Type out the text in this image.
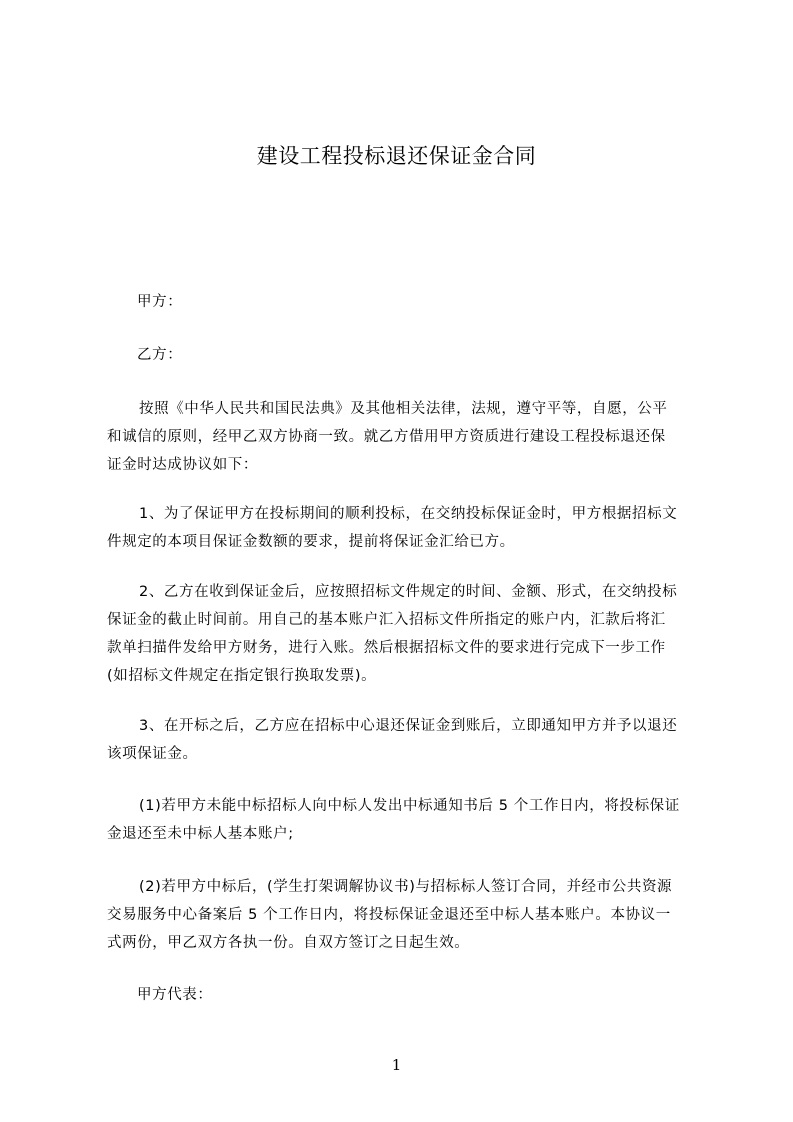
建设工程投标退还保证金合同

甲方：

乙方：

按照《中华人民共和国民法典》及其他相关法律，法规，遵守平等，自愿，公平
和诚信的原则，经甲乙双方协商一致。就乙方借用甲方资质进行建设工程投标退还保
证金时达成协议如下：
1、为了保证甲方在投标期间的顺利投标，在交纳投标保证金时，甲方根据招标文
件规定的本项目保证金数额的要求，提前将保证金汇给已方。
2、乙方在收到保证金后，应按照招标文件规定的时间、金额、形式，在交纳投标
保证金的截止时间前。用自己的基本账户汇入招标文件所指定的账户内，汇款后将汇
款单扫描件发给甲方财务，进行入账。然后根据招标文件的要求进行完成下一步工作
(如招标文件规定在指定银行换取发票)。
3、在开标之后，乙方应在招标中心退还保证金到账后，立即通知甲方并予以退还
该项保证金。
(1)若甲方未能中标招标人向中标人发出中标通知书后 5 个工作日内，将投标保证
金退还至未中标人基本账户;
(2)若甲方中标后，(学生打架调解协议书)与招标标人签订合同，并经市公共资源
交易服务中心备案后 5 个工作日内，将投标保证金退还至中标人基本账户。本协议一
式两份，甲乙双方各执一份。自双方签订之日起生效。

甲方代表：

1
